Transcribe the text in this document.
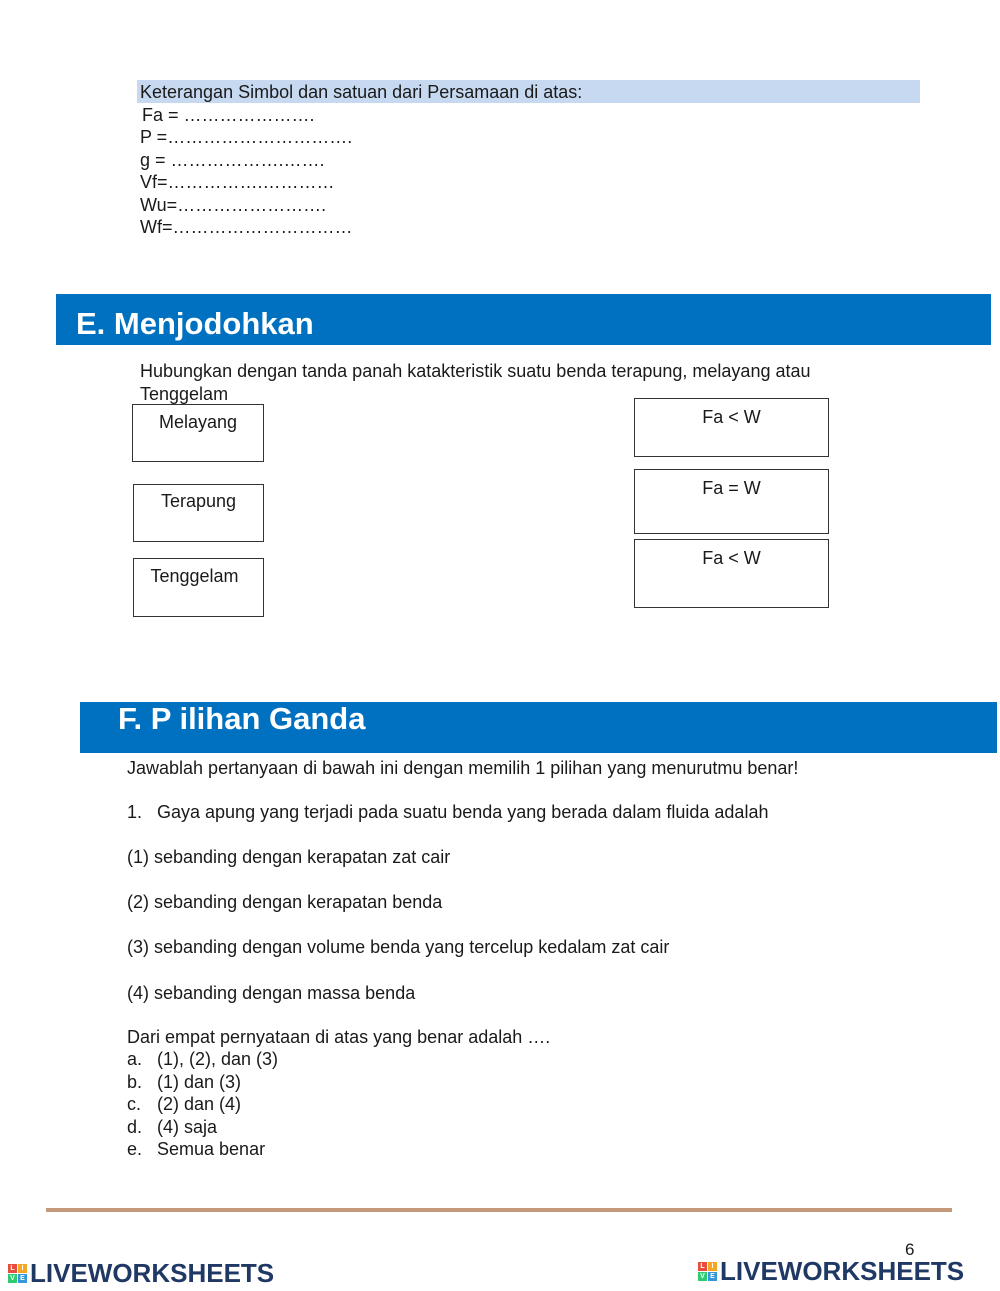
Keterangan Simbol dan satuan dari Persamaan di atas:
Fa = ………………….
P =………………………….
g = ……………….…….
Vf=…………….…………
Wu=…………………….
Wf=…………………………
E. Menjodohkan
Hubungkan dengan tanda panah katakteristik suatu benda terapung, melayang atau
Tenggelam
Melayang
Terapung
Tenggelam
Fa < W
Fa = W
Fa < W
F. P ilihan Ganda
Jawablah pertanyaan di bawah ini dengan memilih 1 pilihan yang menurutmu benar!
1. Gaya apung yang terjadi pada suatu benda yang berada dalam fluida adalah
(1) sebanding dengan kerapatan zat cair
(2) sebanding dengan kerapatan benda
(3) sebanding dengan volume benda yang tercelup kedalam zat cair
(4) sebanding dengan massa benda
Dari empat pernyataan di atas yang benar adalah ….
a. (1), (2), dan (3)
b. (1) dan (3)
c. (2) dan (4)
d. (4) saja
e. Semua benar
6
L I
V E LIVEWORKSHEETS	L I
V E LIVEWORKSHEETS
